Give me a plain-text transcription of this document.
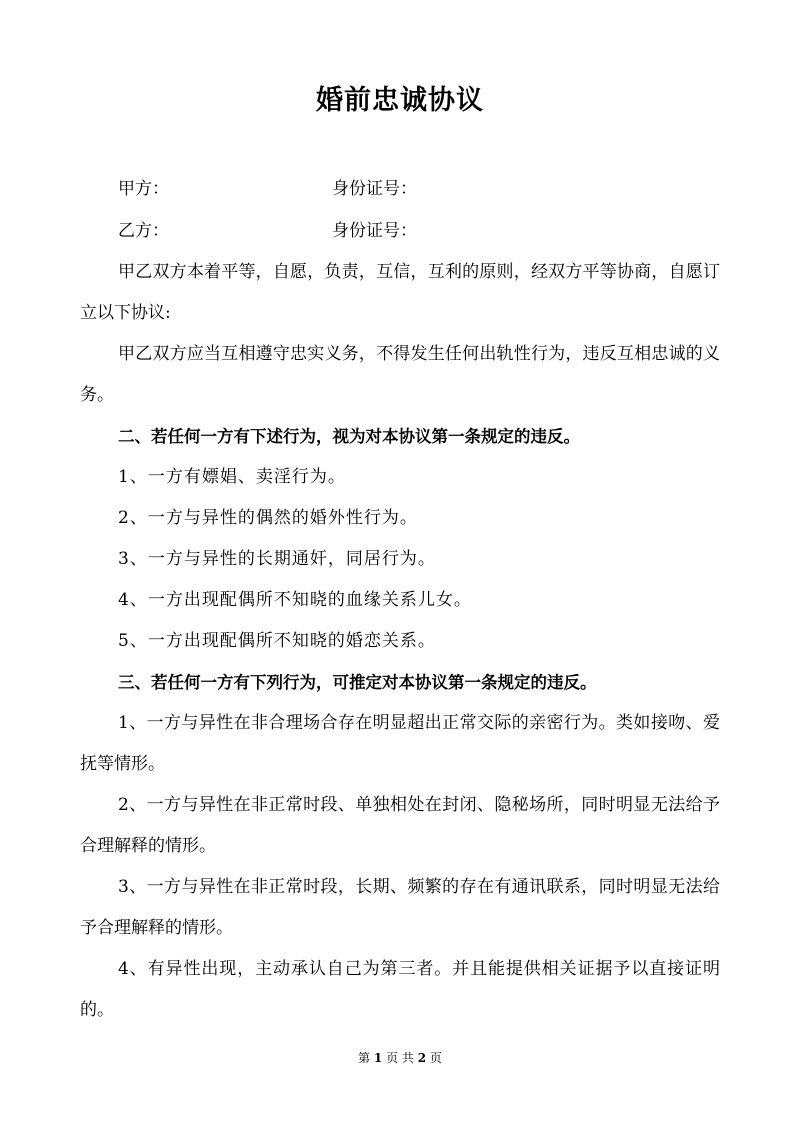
婚前忠诚协议
甲方：	身份证号：
乙方：	身份证号：

甲乙双方本着平等，自愿，负责，互信，互利的原则，经双方平等协商，自愿订立以下协议:

甲乙双方应当互相遵守忠实义务，不得发生任何出轨性行为，违反互相忠诚的义务。

二、若任何一方有下述行为，视为对本协议第一条规定的违反。

1、一方有嫖娼、卖淫行为。

2、一方与异性的偶然的婚外性行为。

3、一方与异性的长期通奸，同居行为。

4、一方出现配偶所不知晓的血缘关系儿女。

5、一方出现配偶所不知晓的婚恋关系。

三、若任何一方有下列行为，可推定对本协议第一条规定的违反。

1、一方与异性在非合理场合存在明显超出正常交际的亲密行为。类如接吻、爱抚等情形。

2、一方与异性在非正常时段、单独相处在封闭、隐秘场所，同时明显无法给予合理解释的情形。

3、一方与异性在非正常时段，长期、频繁的存在有通讯联系，同时明显无法给予合理解释的情形。

4、有异性出现，主动承认自己为第三者。并且能提供相关证据予以直接证明的。

第 1 页 共 2 页
